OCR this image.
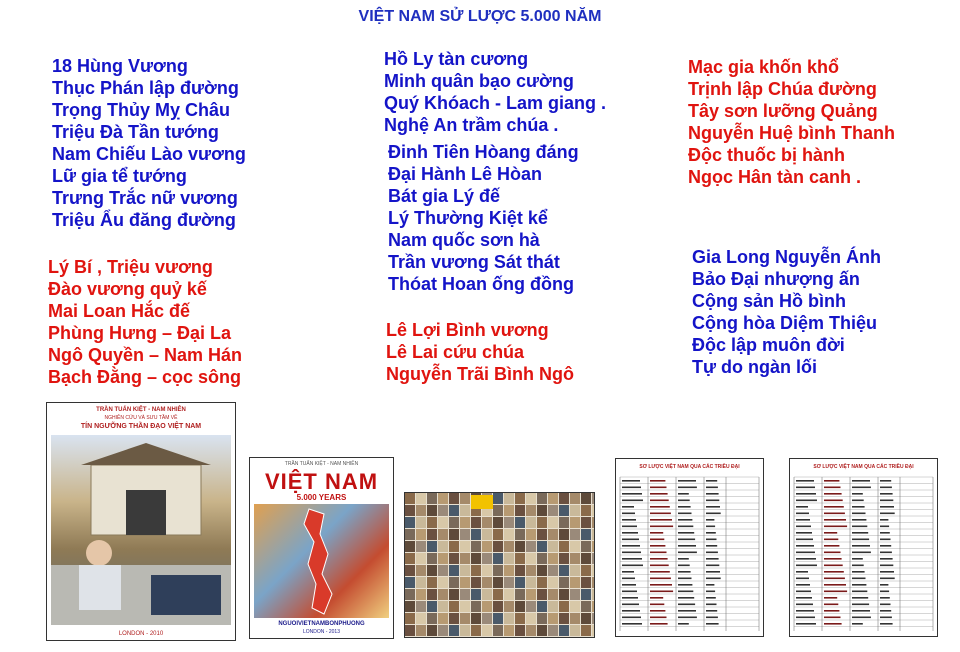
VIỆT NAM SỬ LƯỢC 5.000 NĂM
18 Hùng Vương
Thục Phán lập đường
Trọng Thủy Mỵ Châu
Triệu Đà Tần tướng
Nam Chiếu Lào vương
Lữ gia tể tướng
Trưng Trắc nữ vương
Triệu Ẩu đăng đường
Lý Bí , Triệu vương
Đào vương quỷ kế
Mai Loan Hắc đế
Phùng Hưng – Đại La
Ngô Quyền – Nam Hán
Bạch Đằng – cọc sông
Hồ Ly tàn cương
Minh quân bạo cường
Quý Khóach - Lam giang .
Nghệ An trầm chúa .
Đinh Tiên Hòang đáng
Đại Hành Lê Hòan
Bát gia Lý đế
Lý Thường Kiệt kể
Nam quốc sơn hà
Trần vương Sát thát
Thóat Hoan ống đồng
Lê Lợi Bình vương
Lê Lai cứu chúa
Nguyễn Trãi Bình Ngô
Mạc gia khốn khổ
Trịnh lập Chúa đường
Tây sơn lưỡng Quảng
Nguyễn Huệ bình Thanh
Độc thuốc bị hành
Ngọc Hân tàn canh .
Gia Long Nguyễn Ánh
Bảo Đại nhượng ấn
Cộng sản Hồ bình
Cộng hòa Diệm Thiệu
Độc lập muôn đời
Tự do ngàn lối
TRẦN TUẤN KIỆT - NAM NHIÊN
NGHIÊN CỨU VÀ SƯU TẦM VỀ
TÍN NGƯỠNG THẦN ĐẠO VIỆT NAM
LONDON - 2010
TRẦN TUẤN KIỆT - NAM NHIÊN
VIỆT NAM
5.000 YEARS
NGUOIVIETNAMBONPHUONG
LONDON - 2013
SƠ LƯỢC VIỆT NAM QUA CÁC TRIỀU ĐẠI	SƠ LƯỢC VIỆT NAM QUA CÁC TRIỀU ĐẠI
